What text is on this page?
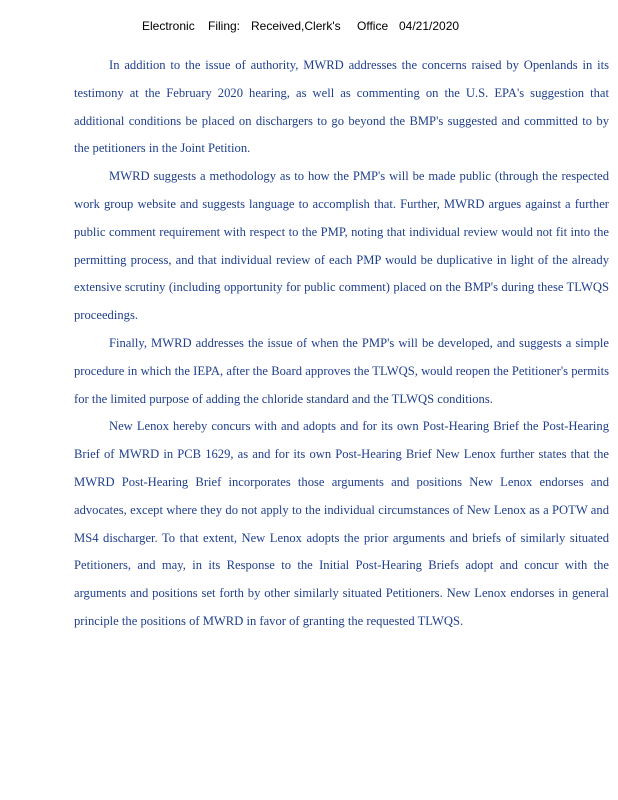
Electronic Filing: Received,Clerk's Office 04/21/2020

In addition to the issue of authority, MWRD addresses the concerns raised by Openlands in its testimony at the February 2020 hearing, as well as commenting on the U.S. EPA's suggestion that additional conditions be placed on dischargers to go beyond the BMP's suggested and committed to by the petitioners in the Joint Petition.

MWRD suggests a methodology as to how the PMP's will be made public (through the respected work group website and suggests language to accomplish that. Further, MWRD argues against a further public comment requirement with respect to the PMP, noting that individual review would not fit into the permitting process, and that individual review of each PMP would be duplicative in light of the already extensive scrutiny (including opportunity for public comment) placed on the BMP's during these TLWQS proceedings.

Finally, MWRD addresses the issue of when the PMP's will be developed, and suggests a simple procedure in which the IEPA, after the Board approves the TLWQS, would reopen the Petitioner's permits for the limited purpose of adding the chloride standard and the TLWQS conditions.

New Lenox hereby concurs with and adopts and for its own Post-Hearing Brief the Post-Hearing Brief of MWRD in PCB 1629, as and for its own Post-Hearing Brief New Lenox further states that the MWRD Post-Hearing Brief incorporates those arguments and positions New Lenox endorses and advocates, except where they do not apply to the individual circumstances of New Lenox as a POTW and MS4 discharger. To that extent, New Lenox adopts the prior arguments and briefs of similarly situated Petitioners, and may, in its Response to the Initial Post-Hearing Briefs adopt and concur with the arguments and positions set forth by other similarly situated Petitioners. New Lenox endorses in general principle the positions of MWRD in favor of granting the requested TLWQS.
